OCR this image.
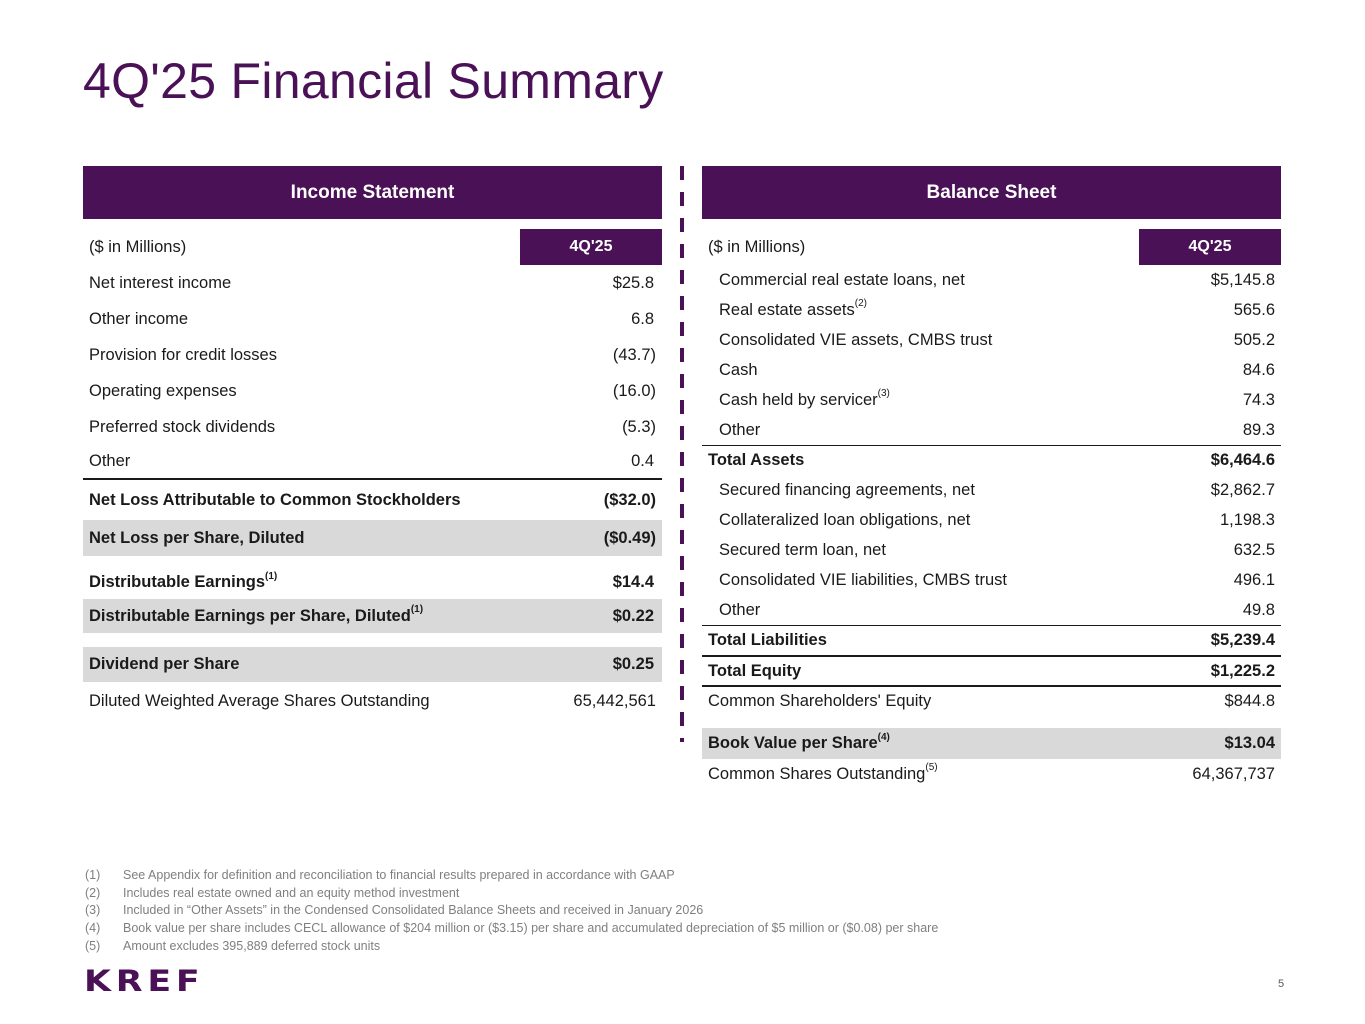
4Q'25 Financial Summary
Income Statement
($ in Millions)	4Q'25
Net interest income	$25.8
Other income	6.8
Provision for credit losses	(43.7)
Operating expenses	(16.0)
Preferred stock dividends	(5.3)
Other	0.4
Net Loss Attributable to Common Stockholders	($32.0)
Net Loss per Share, Diluted	($0.49)
Distributable Earnings$^{(1)}$	$14.4
Distributable Earnings per Share, Diluted$^{(1)}$	$0.22
Dividend per Share	$0.25
Diluted Weighted Average Shares Outstanding	65,442,561
Balance Sheet
($ in Millions)	4Q'25
Commercial real estate loans, net	$5,145.8
Real estate assets$^{(2)}$	565.6
Consolidated VIE assets, CMBS trust	505.2
Cash	84.6
Cash held by servicer$^{(3)}$	74.3
Other	89.3
Total Assets	$6,464.6
Secured financing agreements, net	$2,862.7
Collateralized loan obligations, net	1,198.3
Secured term loan, net	632.5
Consolidated VIE liabilities, CMBS trust	496.1
Other	49.8
Total Liabilities	$5,239.4
Total Equity	$1,225.2
Common Shareholders' Equity	$844.8
Book Value per Share$^{(4)}$	$13.04
Common Shares Outstanding$^{(5)}$	64,367,737
(1)	See Appendix for definition and reconciliation to financial results prepared in accordance with GAAP
(2)	Includes real estate owned and an equity method investment
(3)	Included in “Other Assets” in the Condensed Consolidated Balance Sheets and received in January 2026
(4)	Book value per share includes CECL allowance of $204 million or ($3.15) per share and accumulated depreciation of $5 million or ($0.08) per share
(5)	Amount excludes 395,889 deferred stock units
KREF	5
